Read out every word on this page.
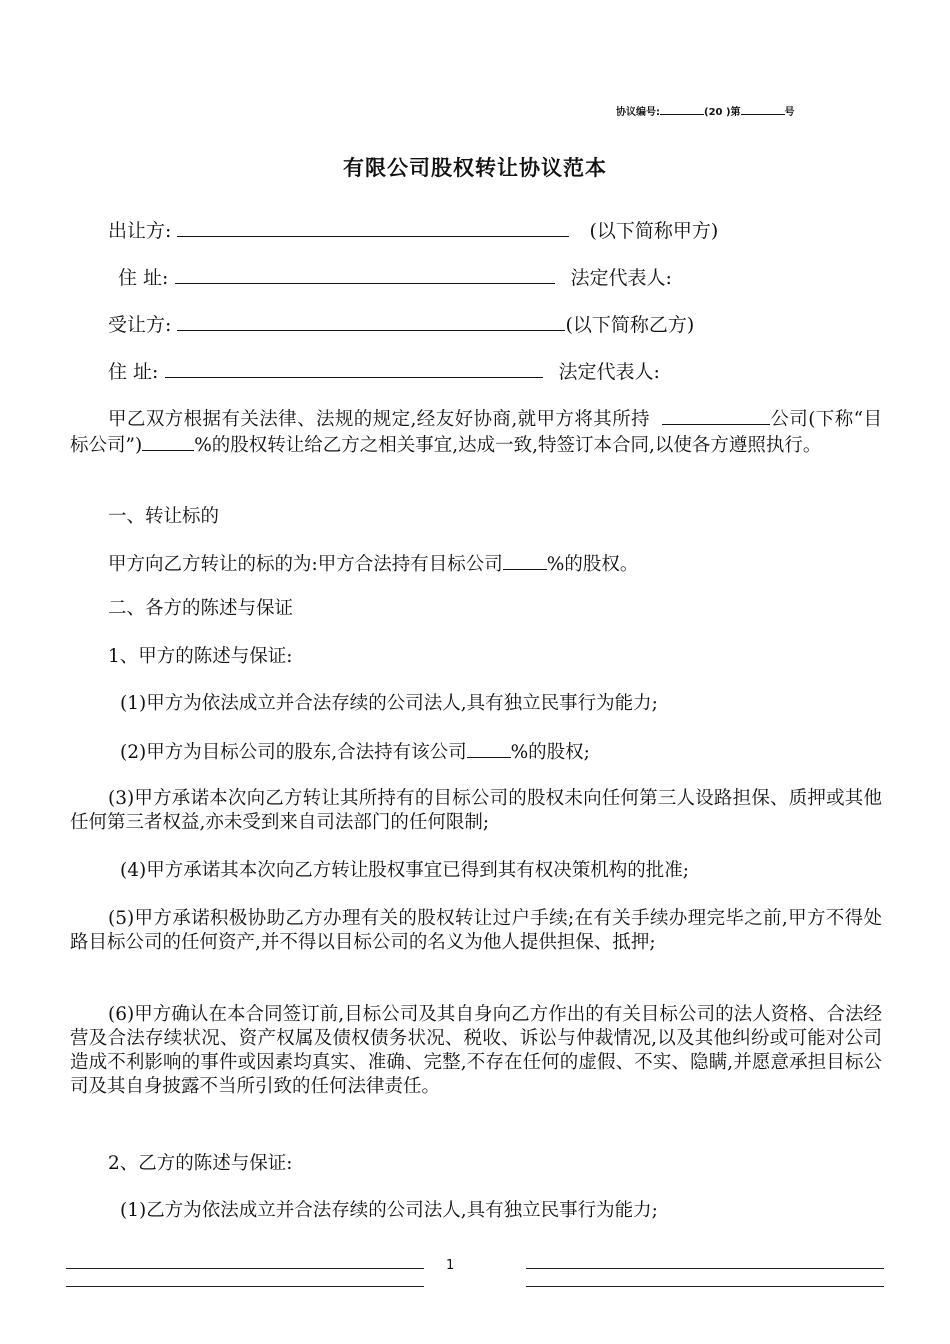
协议编号:	(20 )第	号
有限公司股权转让协议范本
出让方:	(以下简称甲方)
住 址:	法定代表人:
受让方:	(以下简称乙方)
住 址:	法定代表人:
甲乙双方根据有关法律、法规的规定,经友好协商,就甲方将其所持	公司(下称“目标公司”)	%的股权转让给乙方之相关事宜,达成一致,特签订本合同,以使各方遵照执行。
一、转让标的
甲方向乙方转让的标的为:甲方合法持有目标公司 %的股权。
二、各方的陈述与保证
1、甲方的陈述与保证:
(1)甲方为依法成立并合法存续的公司法人,具有独立民事行为能力;
(2)甲方为目标公司的股东,合法持有该公司 %的股权;
(3)甲方承诺本次向乙方转让其所持有的目标公司的股权未向任何第三人设路担保、质押或其他任何第三者权益,亦未受到来自司法部门的任何限制;
(4)甲方承诺其本次向乙方转让股权事宜已得到其有权决策机构的批准;
(5)甲方承诺积极协助乙方办理有关的股权转让过户手续;在有关手续办理完毕之前,甲方不得处路目标公司的任何资产,并不得以目标公司的名义为他人提供担保、抵押;
(6)甲方确认在本合同签订前,目标公司及其自身向乙方作出的有关目标公司的法人资格、合法经营及合法存续状况、资产权属及债权债务状况、税收、诉讼与仲裁情况,以及其他纠纷或可能对公司造成不利影响的事件或因素均真实、准确、完整,不存在任何的虚假、不实、隐瞒,并愿意承担目标公司及其自身披露不当所引致的任何法律责任。
2、乙方的陈述与保证:
(1)乙方为依法成立并合法存续的公司法人,具有独立民事行为能力;
1
